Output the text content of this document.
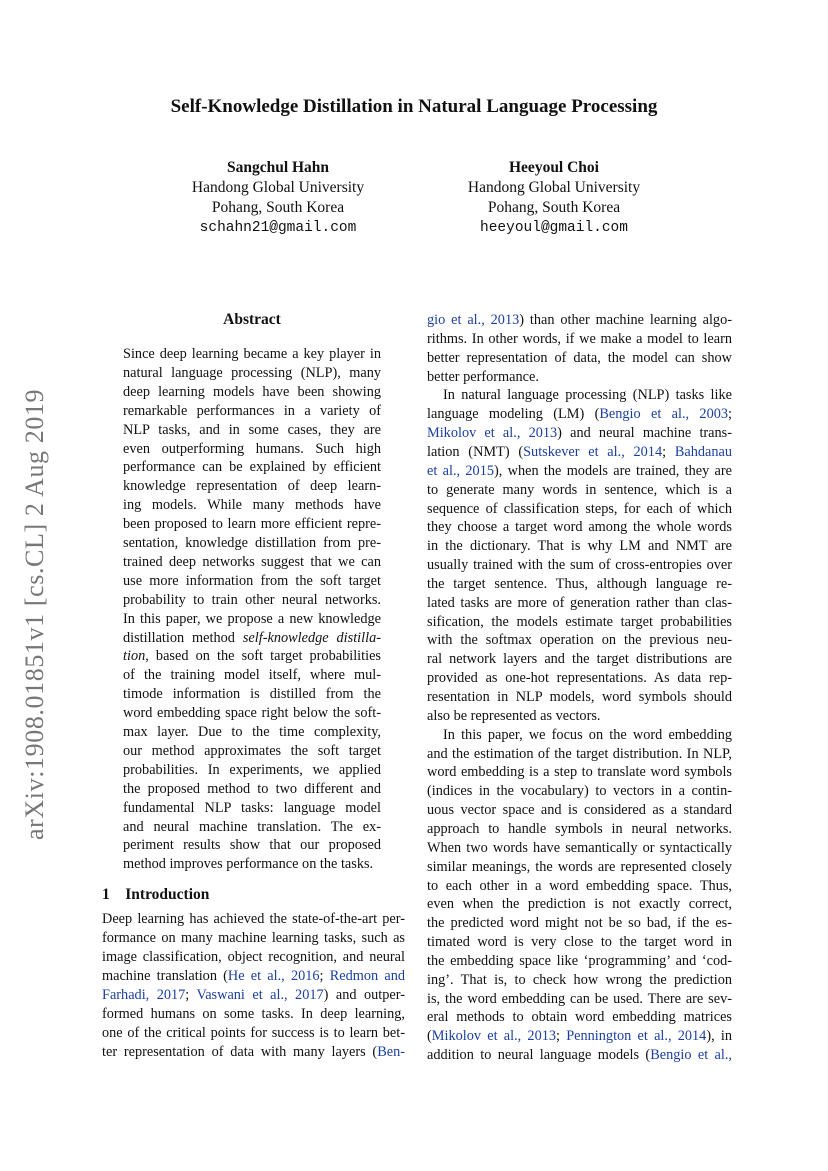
Self-Knowledge Distillation in Natural Language Processing
Sangchul Hahn
Handong Global University
Pohang, South Korea
schahn21@gmail.com
Heeyoul Choi
Handong Global University
Pohang, South Korea
heeyoul@gmail.com
arXiv:1908.01851v1 [cs.CL] 2 Aug 2019
Abstract
Since deep learning became a key player in
natural language processing (NLP), many
deep learning models have been showing
remarkable performances in a variety of
NLP tasks, and in some cases, they are
even outperforming humans. Such high
performance can be explained by efficient
knowledge representation of deep learn-
ing models. While many methods have
been proposed to learn more efficient repre-
sentation, knowledge distillation from pre-
trained deep networks suggest that we can
use more information from the soft target
probability to train other neural networks.
In this paper, we propose a new knowledge
distillation method self-knowledge distilla-
tion, based on the soft target probabilities
of the training model itself, where mul-
timode information is distilled from the
word embedding space right below the soft-
max layer. Due to the time complexity,
our method approximates the soft target
probabilities. In experiments, we applied
the proposed method to two different and
fundamental NLP tasks: language model
and neural machine translation. The ex-
periment results show that our proposed
method improves performance on the tasks.
1 Introduction
Deep learning has achieved the state-of-the-art per-
formance on many machine learning tasks, such as
image classification, object recognition, and neural
machine translation (He et al., 2016; Redmon and
Farhadi, 2017; Vaswani et al., 2017) and outper-
formed humans on some tasks. In deep learning,
one of the critical points for success is to learn bet-
ter representation of data with many layers (Ben-
gio et al., 2013) than other machine learning algo-
rithms. In other words, if we make a model to learn
better representation of data, the model can show
better performance.
In natural language processing (NLP) tasks like
language modeling (LM) (Bengio et al., 2003;
Mikolov et al., 2013) and neural machine trans-
lation (NMT) (Sutskever et al., 2014; Bahdanau
et al., 2015), when the models are trained, they are
to generate many words in sentence, which is a
sequence of classification steps, for each of which
they choose a target word among the whole words
in the dictionary. That is why LM and NMT are
usually trained with the sum of cross-entropies over
the target sentence. Thus, although language re-
lated tasks are more of generation rather than clas-
sification, the models estimate target probabilities
with the softmax operation on the previous neu-
ral network layers and the target distributions are
provided as one-hot representations. As data rep-
resentation in NLP models, word symbols should
also be represented as vectors.
In this paper, we focus on the word embedding
and the estimation of the target distribution. In NLP,
word embedding is a step to translate word symbols
(indices in the vocabulary) to vectors in a contin-
uous vector space and is considered as a standard
approach to handle symbols in neural networks.
When two words have semantically or syntactically
similar meanings, the words are represented closely
to each other in a word embedding space. Thus,
even when the prediction is not exactly correct,
the predicted word might not be so bad, if the es-
timated word is very close to the target word in
the embedding space like ‘programming’ and ‘cod-
ing’. That is, to check how wrong the prediction
is, the word embedding can be used. There are sev-
eral methods to obtain word embedding matrices
(Mikolov et al., 2013; Pennington et al., 2014), in
addition to neural language models (Bengio et al.,
